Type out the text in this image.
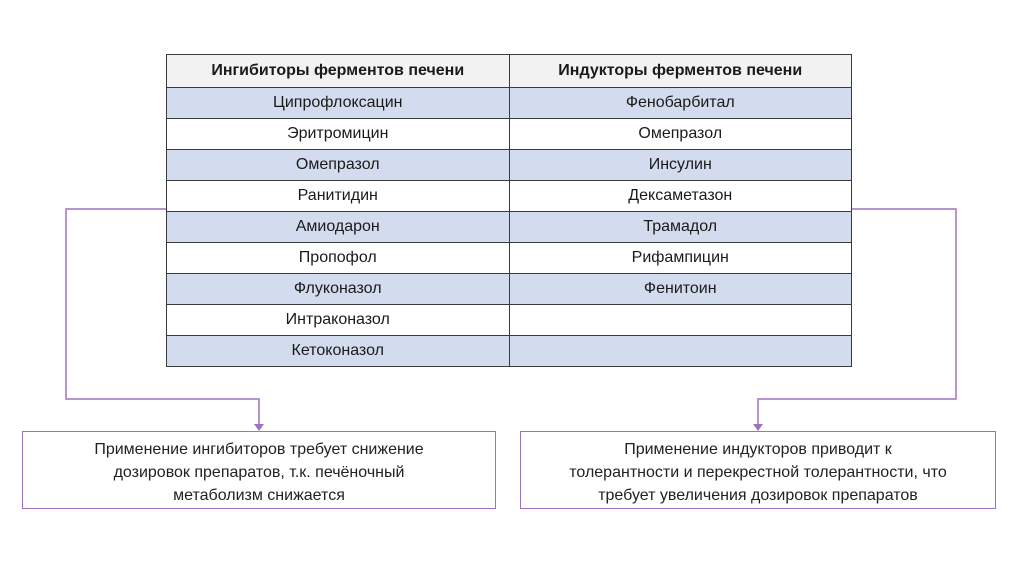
Ингибиторы ферментов печени	Индукторы ферментов печени
Ципрофлоксацин	Фенобарбитал
Эритромицин	Омепразол
Омепразол	Инсулин
Ранитидин	Дексаметазон
Амиодарон	Трамадол
Пропофол	Рифампицин
Флуконазол	Фенитоин
Интраконазол	
Кетоконазол	
Применение ингибиторов требует снижение
дозировок препаратов, т.к. печёночный
метаболизм снижается
Применение индукторов приводит к
толерантности и перекрестной толерантности, что
требует увеличения дозировок препаратов
